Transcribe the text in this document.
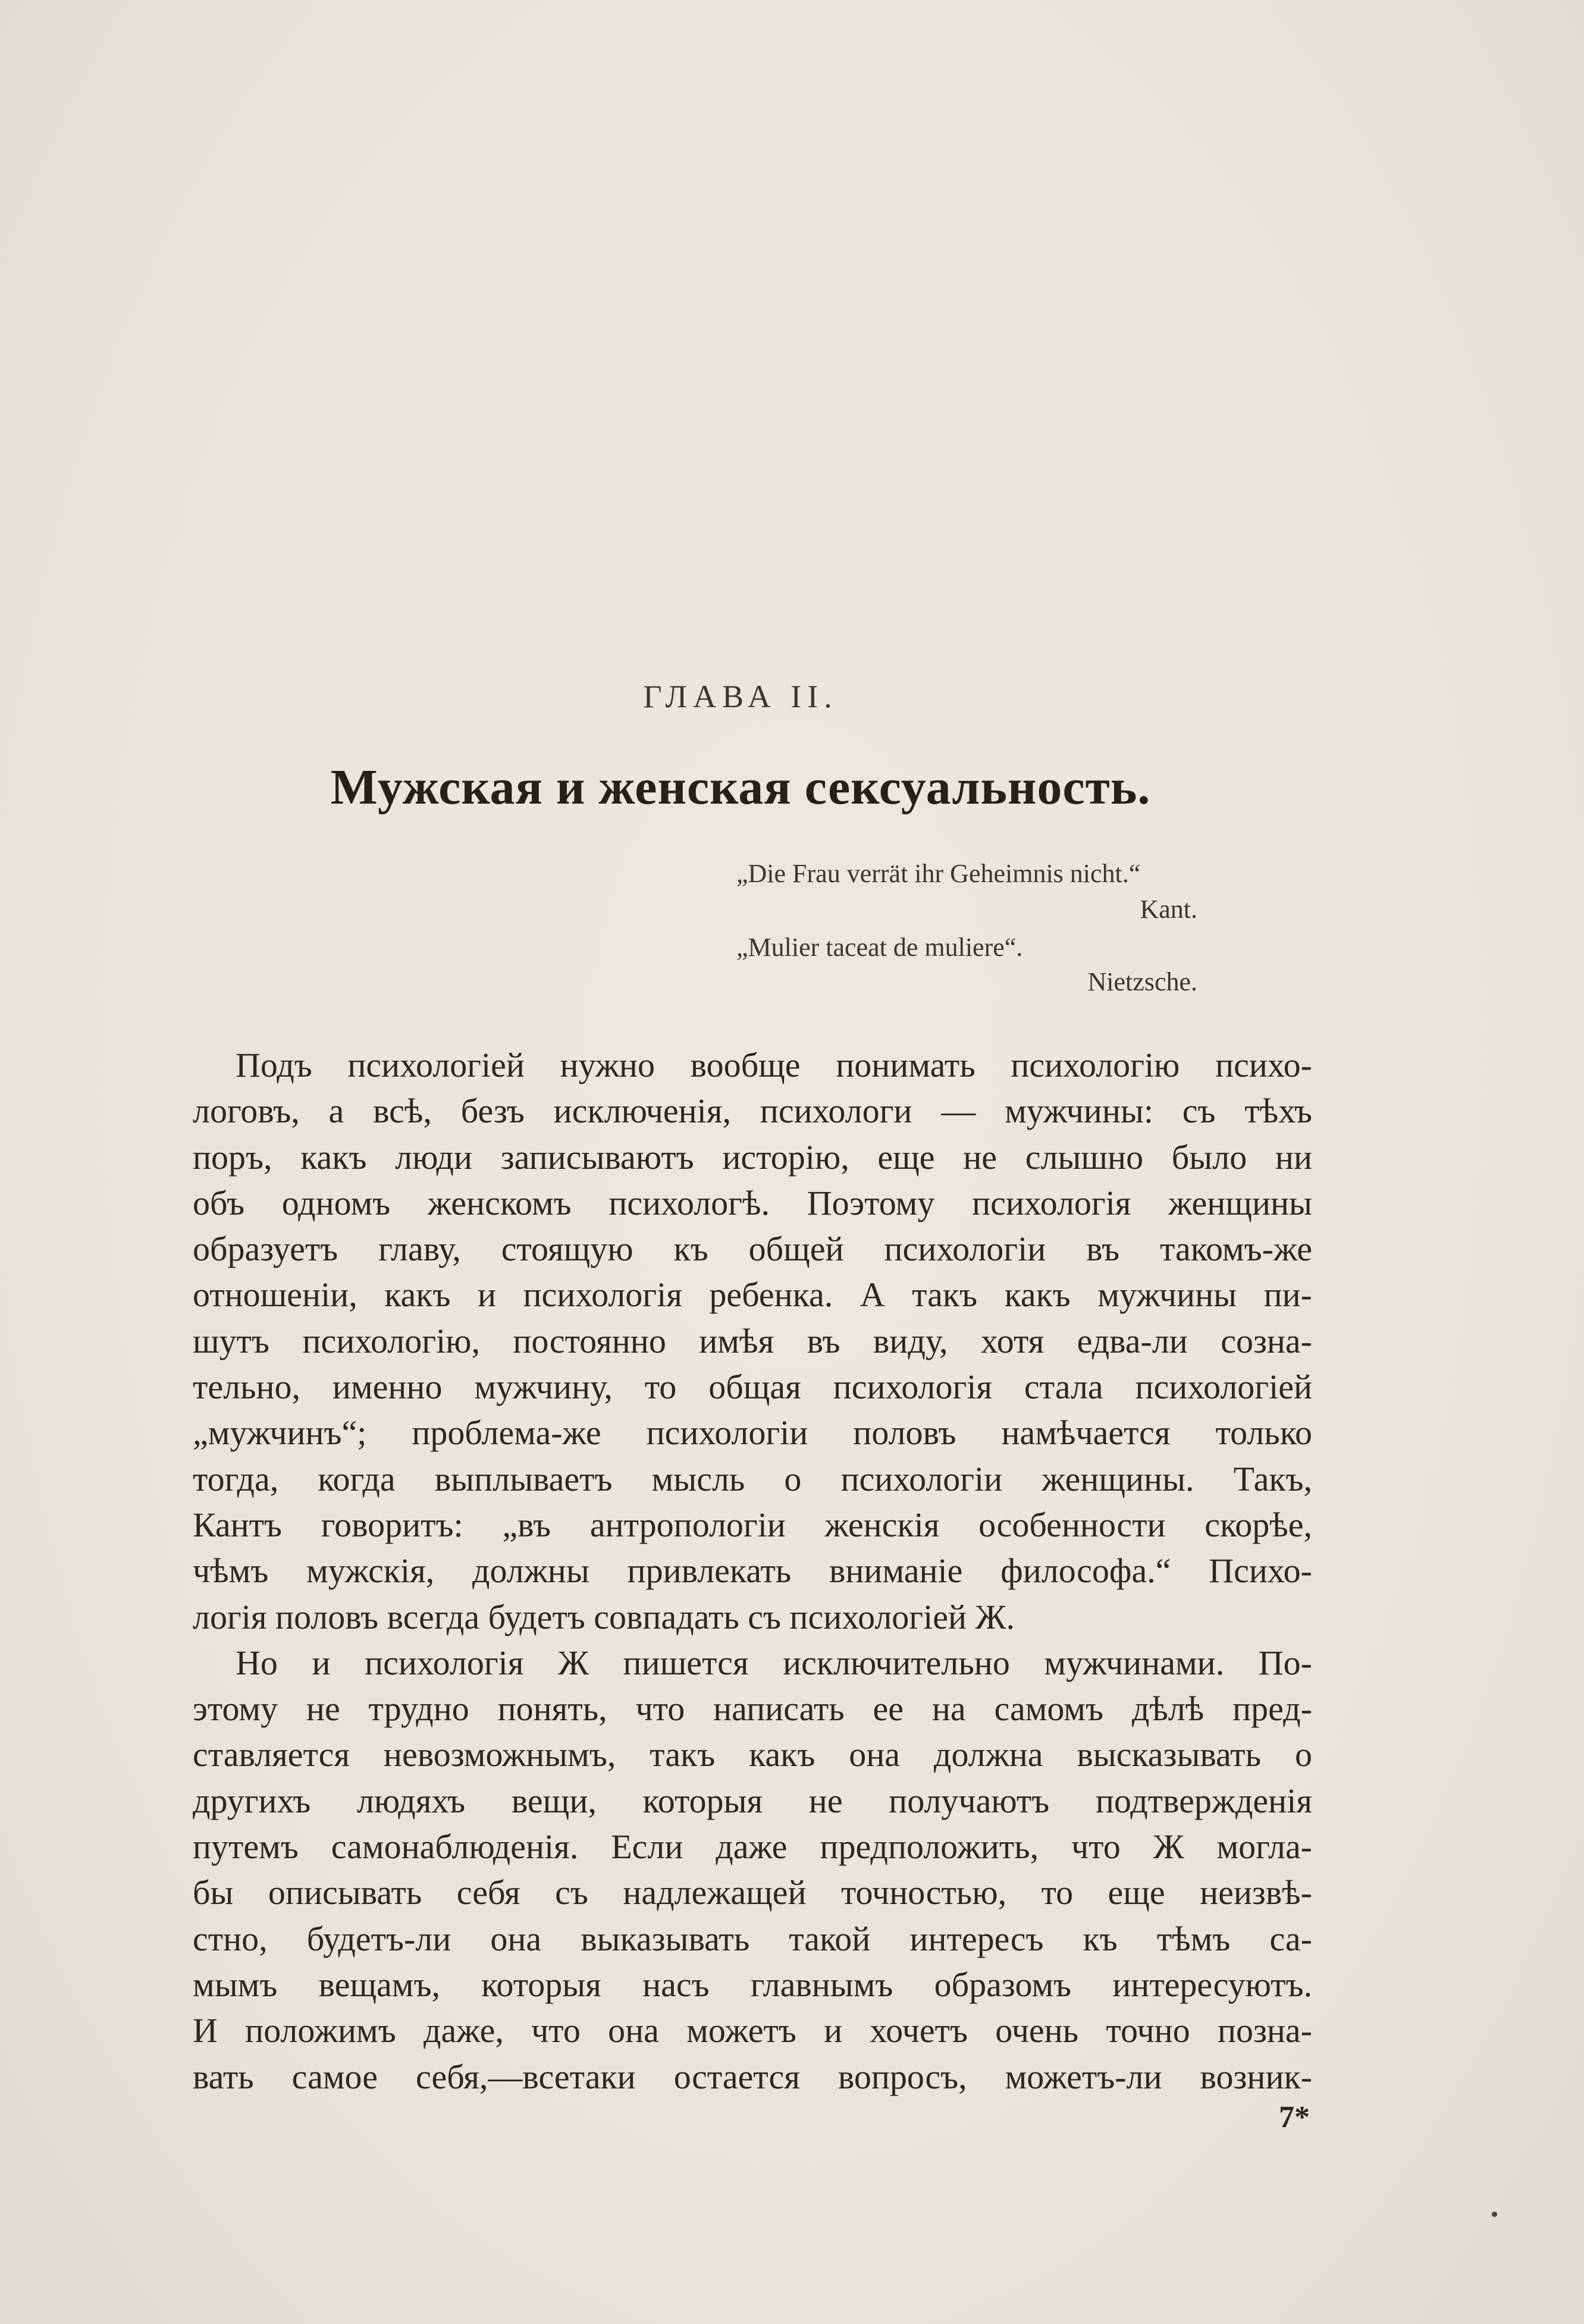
ГЛАВА II.
Мужская и женская сексуальность.
„Die Frau verrät ihr Geheimnis nicht.“
Kant.
„Mulier taceat de muliere“.
Nietzsche.
Подъ психологіей нужно вообще понимать психологію психо-
логовъ, а всѣ, безъ исключенія, психологи — мужчины: съ тѣхъ
поръ, какъ люди записываютъ исторію, еще не слышно было ни
объ одномъ женскомъ психологѣ. Поэтому психологія женщины
образуетъ главу, стоящую къ общей психологіи въ такомъ-же
отношеніи, какъ и психологія ребенка. А такъ какъ мужчины пи-
шутъ психологію, постоянно имѣя въ виду, хотя едва-ли созна-
тельно, именно мужчину, то общая психологія стала психологіей
„мужчинъ“; проблема-же психологіи половъ намѣчается только
тогда, когда выплываетъ мысль о психологіи женщины. Такъ,
Кантъ говоритъ: „въ антропологіи женскія особенности скорѣе,
чѣмъ мужскія, должны привлекать вниманіе философа.“ Психо-
логія половъ всегда будетъ совпадать съ психологіей Ж.
Но и психологія Ж пишется исключительно мужчинами. По-
этому не трудно понять, что написать ее на самомъ дѣлѣ пред-
ставляется невозможнымъ, такъ какъ она должна высказывать о
другихъ людяхъ вещи, которыя не получаютъ подтвержденія
путемъ самонаблюденія. Если даже предположить, что Ж могла-
бы описывать себя съ надлежащей точностью, то еще неизвѣ-
стно, будетъ-ли она выказывать такой интересъ къ тѣмъ са-
мымъ вещамъ, которыя насъ главнымъ образомъ интересуютъ.
И положимъ даже, что она можетъ и хочетъ очень точно позна-
вать самое себя,—всетаки остается вопросъ, можетъ-ли возник-
7*
